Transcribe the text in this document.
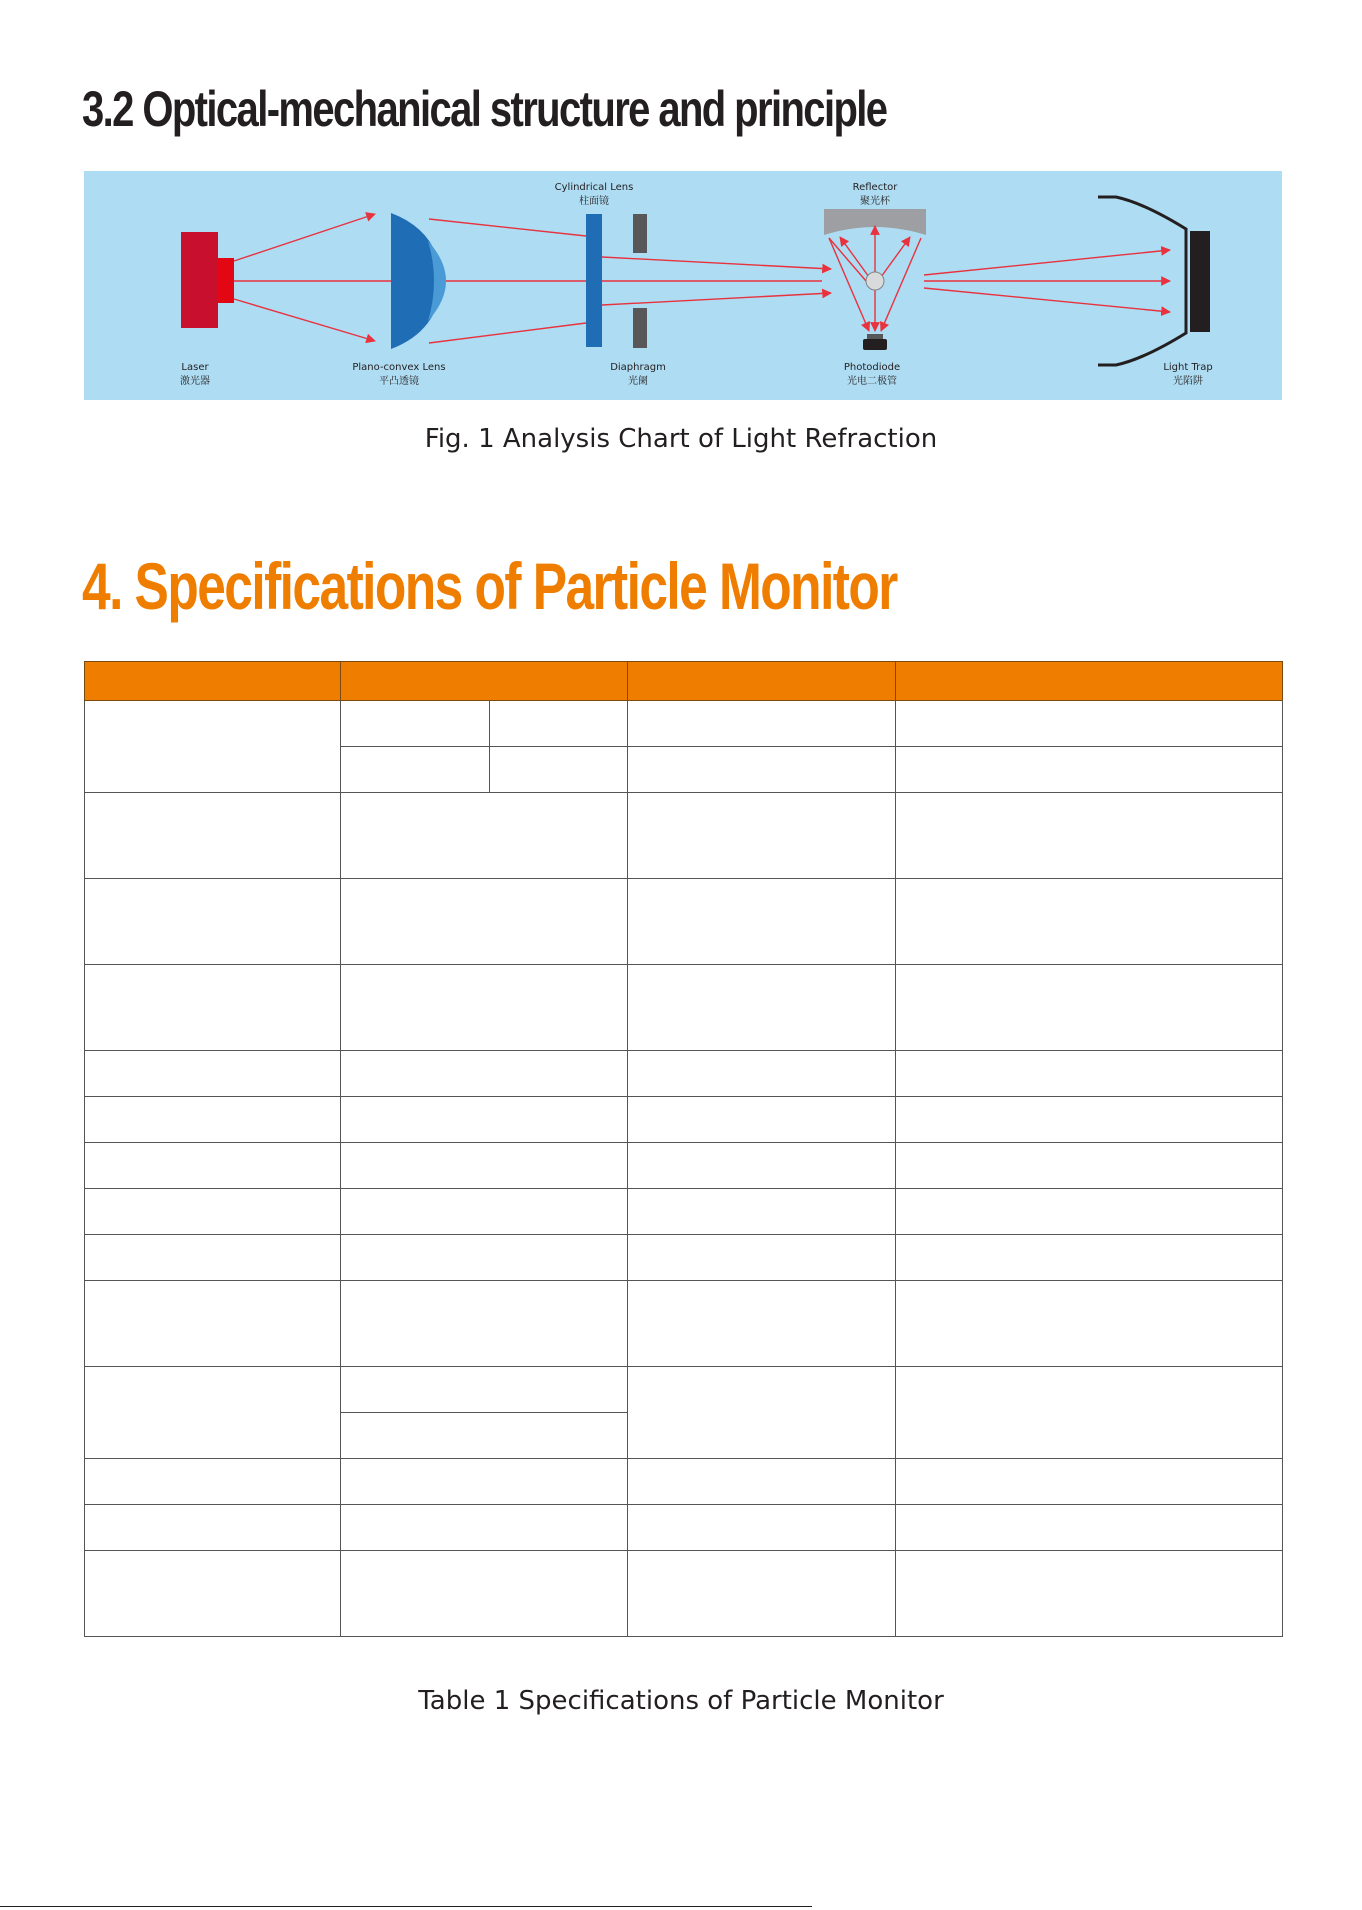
3.2 Optical-mechanical structure and principle
Laser
激光器
Plano-convex Lens
平凸透镜
Cylindrical Lens
柱面镜
Diaphragm
光阑
Reflector
聚光杯
Photodiode
光电二极管
Light Trap
光陷阱
Fig. 1 Analysis Chart of Light Refraction
4. Specifications of Particle Monitor

Table 1 Specifications of Particle Monitor
